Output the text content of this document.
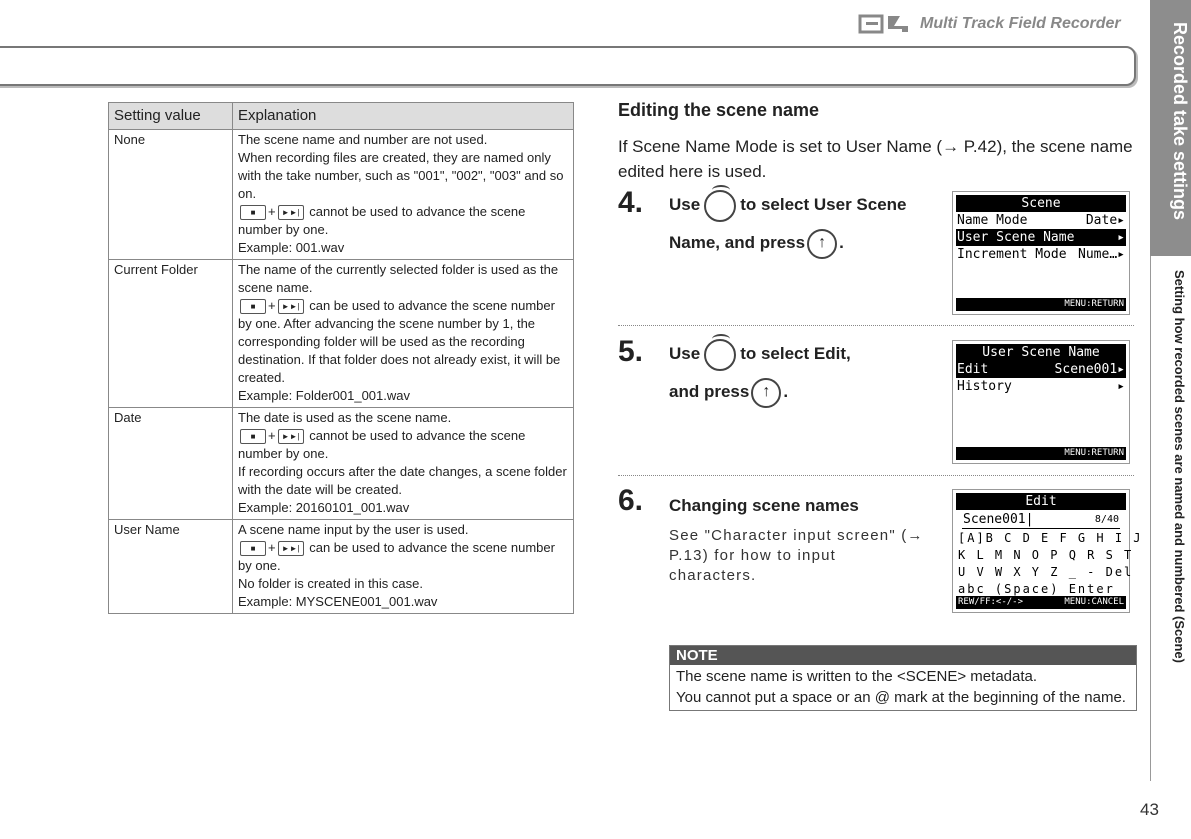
Multi Track Field Recorder	Recorded take settings
Setting how recorded scenes are named and numbered (Scene)
Setting value	Explanation
None	The scene name and number are not used.
When recording files are created, they are named only with the take number, such as "001", "002", "003" and so on.
■ + ►►| cannot be used to advance the scene number by one.
Example: 001.wav

Current Folder	The name of the currently selected folder is used as the scene name.
■ + ►►| can be used to advance the scene number by one. After advancing the scene number by 1, the corresponding folder will be used as the recording destination. If that folder does not already exist, it will be created.
Example: Folder001_001.wav

Date	The date is used as the scene name.
■ + ►►| cannot be used to advance the scene number by one.
If recording occurs after the date changes, a scene folder with the date will be created.
Example: 20160101_001.wav

User Name	A scene name input by the user is used.
■ + ►►| can be used to advance the scene number by one.
No folder is created in this case.
Example: MYSCENE001_001.wav
Editing the scene name
If Scene Name Mode is set to User Name (→ P.42), the scene name edited here is used.
4. Use to select User Scene
Name, and press ↑ .
Scene
Name Mode	Date▸
User Scene Name	▸
Increment Mode Nume…▸
MENU:RETURN
5. Use to select Edit,
and press ↑ .
User Scene Name
Edit	Scene001▸
History	▸
MENU:RETURN
6. Changing scene names
See "Character input screen" (→ P.13) for how to input characters.
Edit
Scene001|	8/40
[A]B C D E F G H I J
K L M N O P Q R S T
U V W X Y Z _ - Del
abc (Space) Enter
REW/FF:<-/->	MENU:CANCEL
NOTE
The scene name is written to the <SCENE> metadata.
You cannot put a space or an @ mark at the beginning of the name.
43
